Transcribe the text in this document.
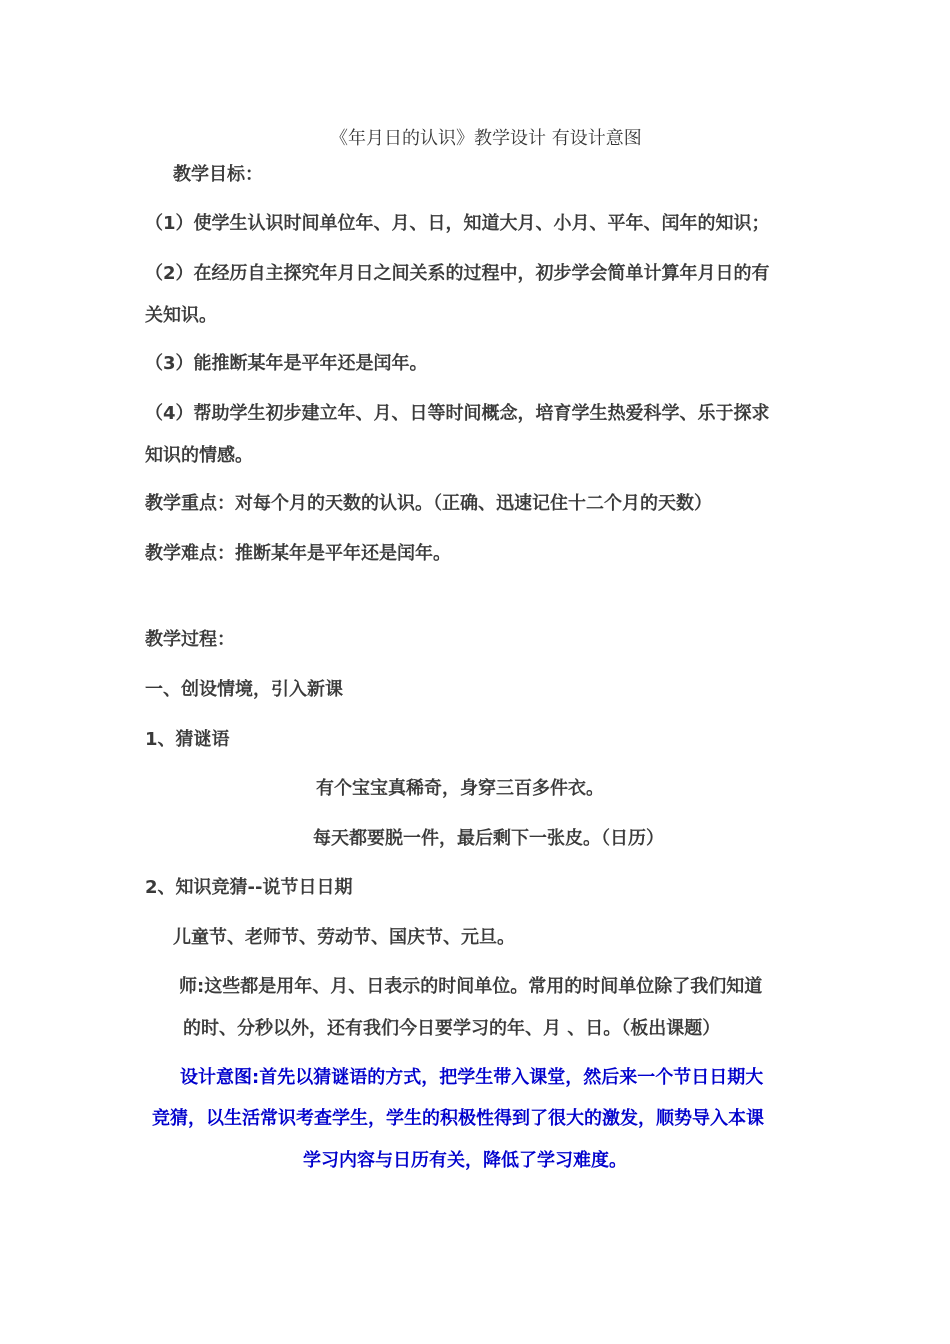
《年月日的认识》教学设计 有设计意图
教学目标：
（1）使学生认识时间单位年、月、日，知道大月、小月、平年、闰年的知识；
（2）在经历自主探究年月日之间关系的过程中，初步学会简单计算年月日的有
关知识。
（3）能推断某年是平年还是闰年。
（4）帮助学生初步建立年、月、日等时间概念，培育学生热爱科学、乐于探求
知识的情感。
教学重点：对每个月的天数的认识。（正确、迅速记住十二个月的天数）
教学难点：推断某年是平年还是闰年。
教学过程：
一、创设情境，引入新课
1、猜谜语
有个宝宝真稀奇，身穿三百多件衣。
每天都要脱一件，最后剩下一张皮。（日历）
2、知识竞猜--说节日日期
儿童节、老师节、劳动节、国庆节、元旦。
师:这些都是用年、月、日表示的时间单位。常用的时间单位除了我们知道
的时、分秒以外，还有我们今日要学习的年、月 、日。（板出课题）
设计意图:首先以猜谜语的方式，把学生带入课堂，然后来一个节日日期大
竞猜，以生活常识考查学生，学生的积极性得到了很大的激发，顺势导入本课
学习内容与日历有关，降低了学习难度。
